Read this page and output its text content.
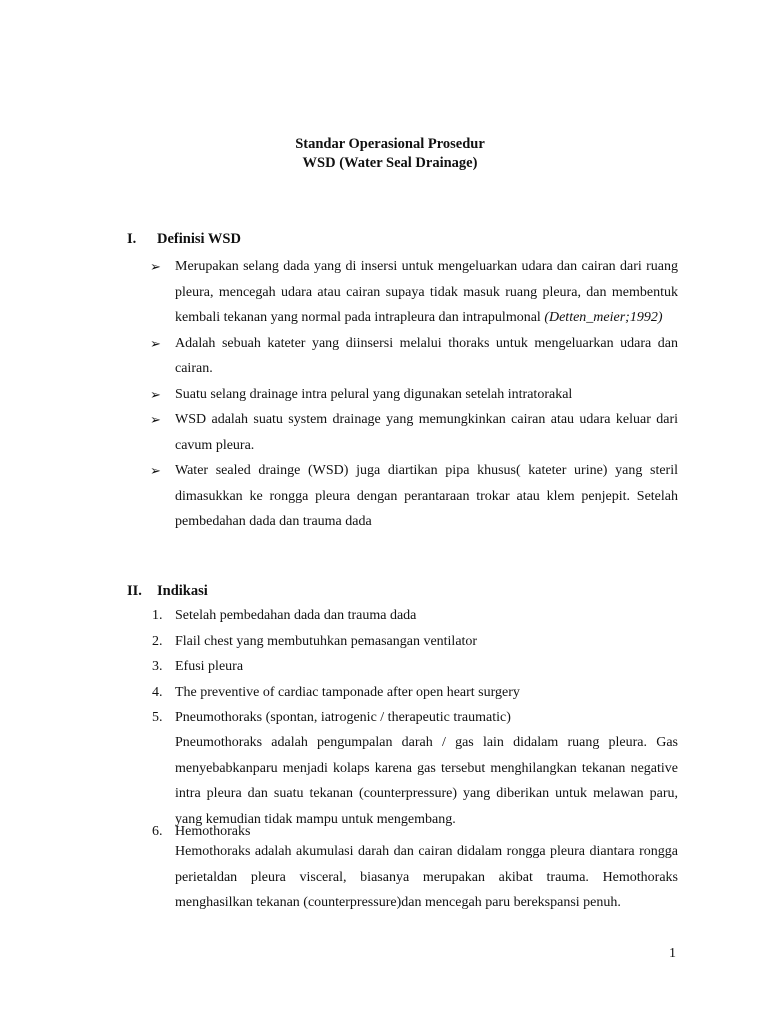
Standar Operasional Prosedur
WSD (Water Seal Drainage)
I. Definisi WSD
➢ Merupakan selang dada yang di insersi untuk mengeluarkan udara dan cairan dari ruang pleura, mencegah udara atau cairan supaya tidak masuk ruang pleura, dan membentuk kembali tekanan yang normal pada intrapleura dan intrapulmonal (Detten_meier;1992)
➢ Adalah sebuah kateter yang diinsersi melalui thoraks untuk mengeluarkan udara dan cairan.
➢ Suatu selang drainage intra pelural yang digunakan setelah intratorakal
➢ WSD adalah suatu system drainage yang memungkinkan cairan atau udara keluar dari cavum pleura.
➢ Water sealed drainge (WSD) juga diartikan pipa khusus( kateter urine) yang steril dimasukkan ke rongga pleura dengan perantaraan trokar atau klem penjepit. Setelah pembedahan dada dan trauma dada
II. Indikasi
1. Setelah pembedahan dada dan trauma dada
2. Flail chest yang membutuhkan pemasangan ventilator
3. Efusi pleura
4. The preventive of cardiac tamponade after open heart surgery
5. Pneumothoraks (spontan, iatrogenic / therapeutic traumatic)
Pneumothoraks adalah pengumpalan darah / gas lain didalam ruang pleura. Gas menyebabkanparu menjadi kolaps karena gas tersebut menghilangkan tekanan negative intra pleura dan suatu tekanan (counterpressure) yang diberikan untuk melawan paru, yang kemudian tidak mampu untuk mengembang.
6. Hemothoraks
Hemothoraks adalah akumulasi darah dan cairan didalam rongga pleura diantara rongga perietaldan pleura visceral, biasanya merupakan akibat trauma. Hemothoraks menghasilkan tekanan (counterpressure)dan mencegah paru berekspansi penuh.
1
